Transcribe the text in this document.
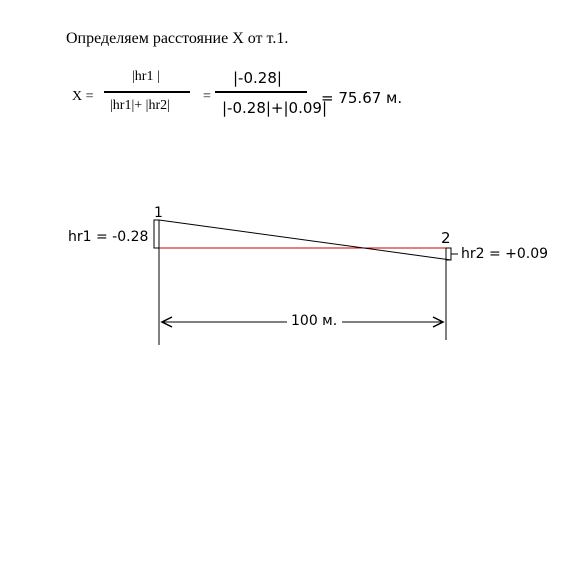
Определяем расстояние X от т.1.
X =
|hr1 |
|hr1|+ |hr2|
=
|-0.28|
|-0.28|+|0.09|
= 75.67 м.
1
2
hr1 = -0.28
hr2 = +0.09
100 м.
